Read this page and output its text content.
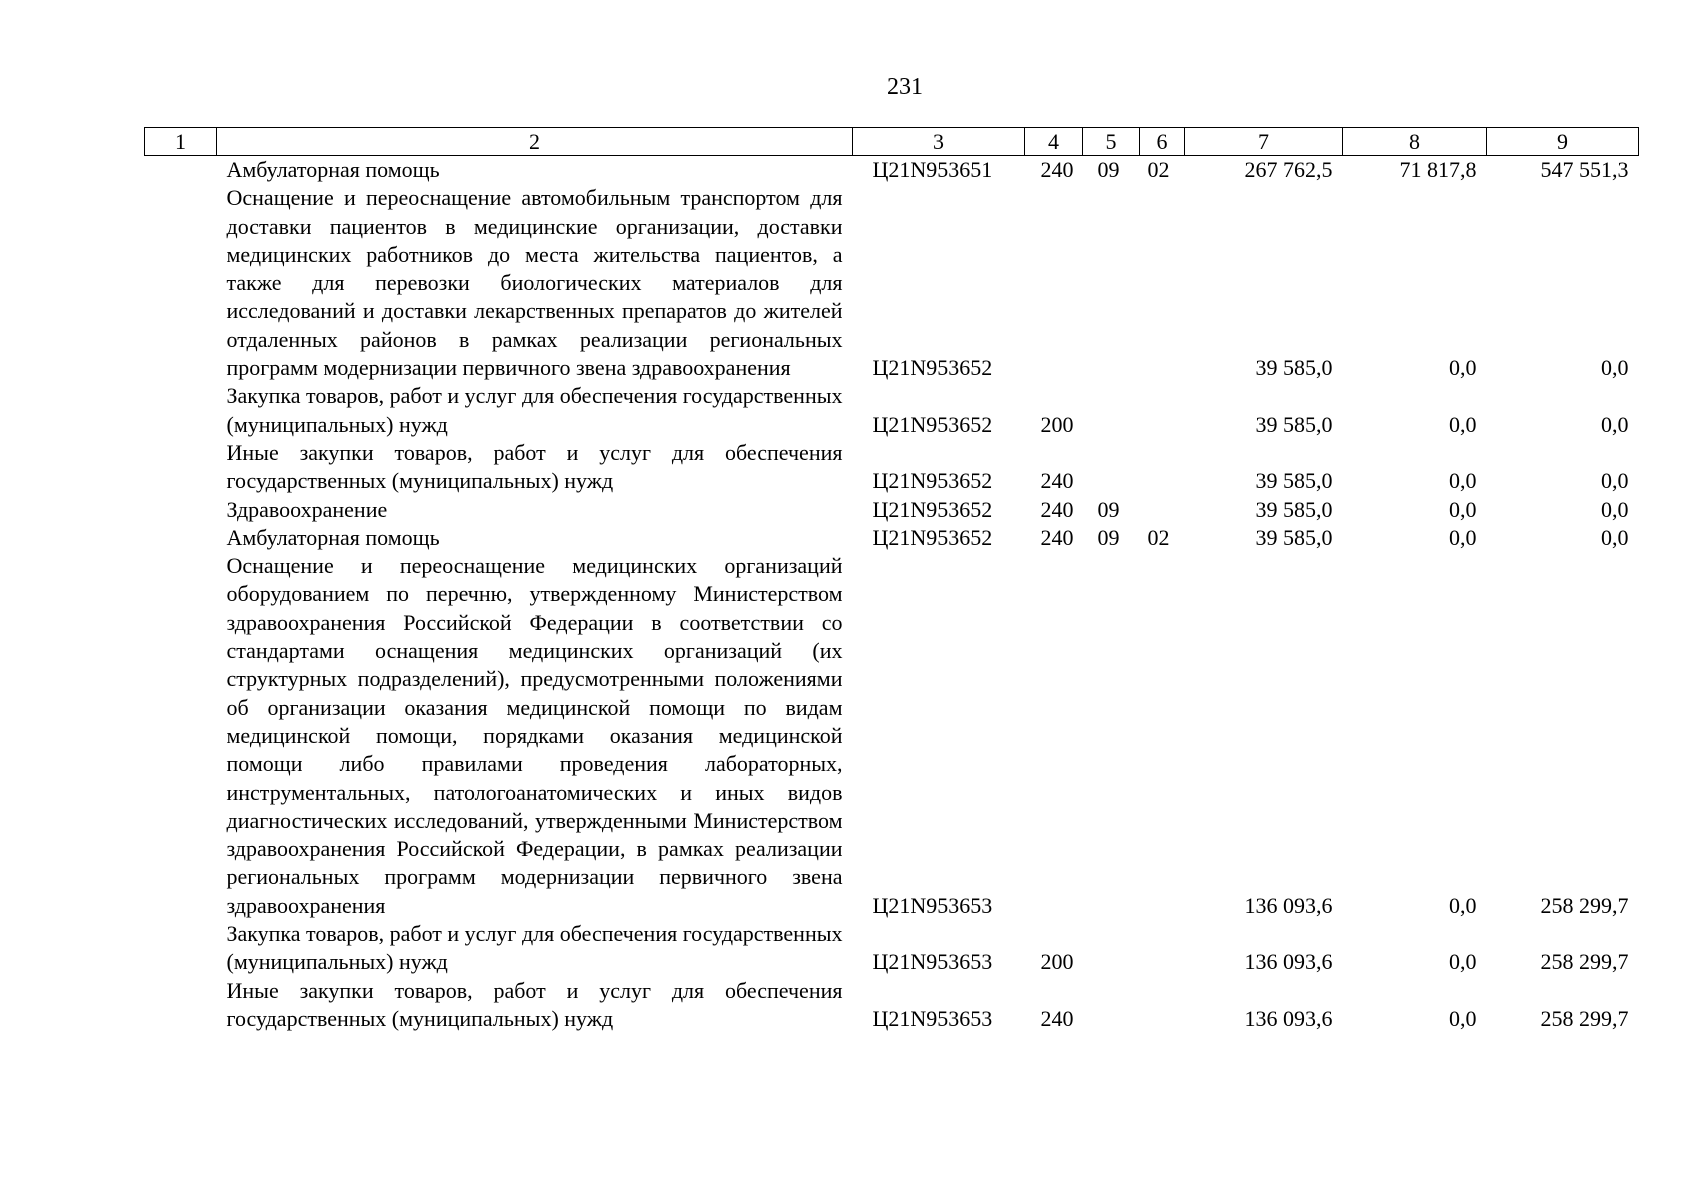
231
1	2	3	4	5	6	7	8	9
	Амбулаторная помощь	Ц21N953651	240	09	02	267 762,5	71 817,8	547 551,3
	Оснащение и переоснащение автомобильным транспортом для доставки пациентов в медицинские организации, доставки медицинских работников до места жительства пациентов, а также для перевозки биологических материалов для исследований и доставки лекарственных препаратов до жителей отдаленных районов в рамках реализации региональных программ модернизации первичного звена здравоохранения	Ц21N953652				39 585,0	0,0	0,0
	Закупка товаров, работ и услуг для обеспечения государственных (муниципальных) нужд	Ц21N953652	200			39 585,0	0,0	0,0
	Иные закупки товаров, работ и услуг для обеспечения государственных (муниципальных) нужд	Ц21N953652	240			39 585,0	0,0	0,0
	Здравоохранение	Ц21N953652	240	09		39 585,0	0,0	0,0
	Амбулаторная помощь	Ц21N953652	240	09	02	39 585,0	0,0	0,0
	Оснащение и переоснащение медицинских организаций оборудованием по перечню, утвержденному Министерством здравоохранения Российской Федерации в соответствии со стандартами оснащения медицинских организаций (их структурных подразделений), предусмотренными положениями об организации оказания медицинской помощи по видам медицинской помощи, порядками оказания медицинской помощи либо правилами проведения лабораторных, инструментальных, патологоанатомических и иных видов диагностических исследований, утвержденными Министерством здравоохранения Российской Федерации, в рамках реализации региональных программ модернизации первичного звена здравоохранения	Ц21N953653				136 093,6	0,0	258 299,7
	Закупка товаров, работ и услуг для обеспечения государственных (муниципальных) нужд	Ц21N953653	200			136 093,6	0,0	258 299,7
	Иные закупки товаров, работ и услуг для обеспечения государственных (муниципальных) нужд	Ц21N953653	240			136 093,6	0,0	258 299,7
